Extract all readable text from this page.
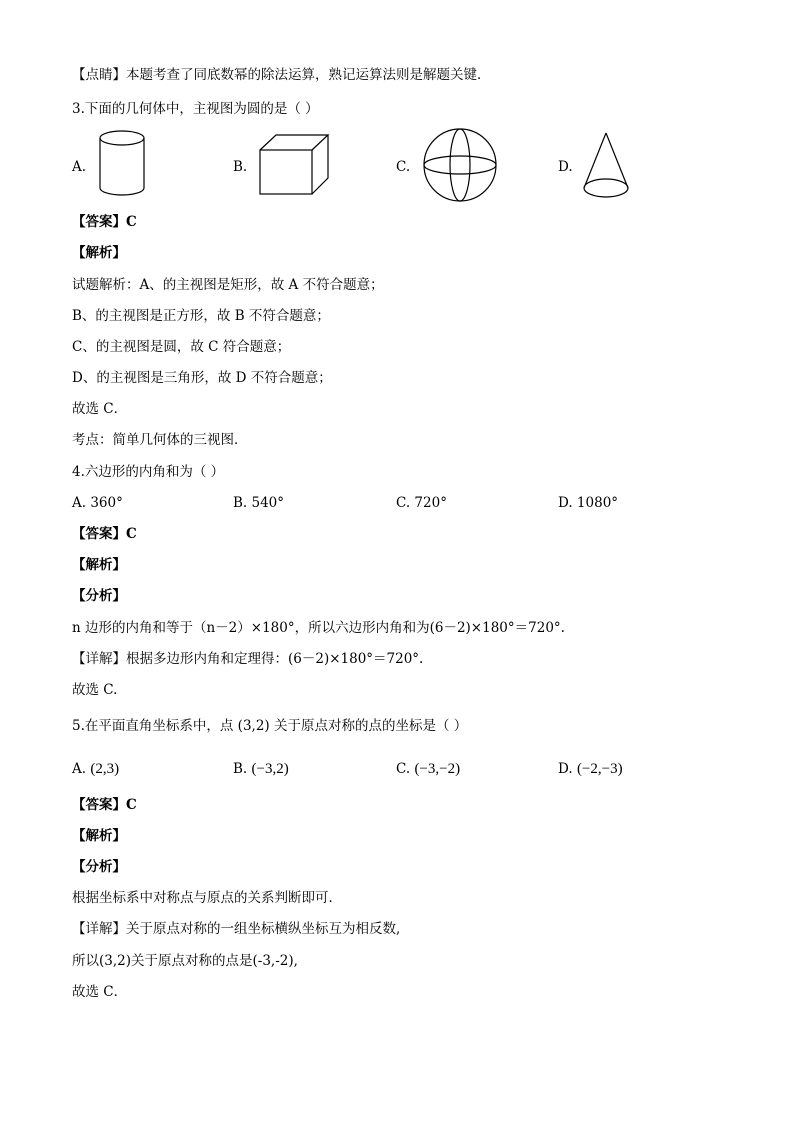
【点睛】本题考查了同底数幂的除法运算，熟记运算法则是解题关键．
3.下面的几何体中，主视图为圆的是（ ）
A.	B.	C.	D.
【答案】C
【解析】
试题解析：A、的主视图是矩形，故 A 不符合题意；
B、的主视图是正方形，故 B 不符合题意；
C、的主视图是圆，故 C 符合题意；
D、的主视图是三角形，故 D 不符合题意；
故选 C．
考点：简单几何体的三视图．
4.六边形的内角和为（ ）
A. 360°	B. 540°	C. 720°	D. 1080°
【答案】C
【解析】
【分析】
n 边形的内角和等于（n－2）×180°，所以六边形内角和为(6－2)×180°＝720°.
【详解】根据多边形内角和定理得：(6－2)×180°＝720°.
故选 C.
5.在平面直角坐标系中，点 (3,2) 关于原点对称的点的坐标是（ ）
A. (2,3)	B. (−3,2)	C. (−3,−2)	D. (−2,−3)
【答案】C
【解析】
【分析】
根据坐标系中对称点与原点的关系判断即可．
【详解】关于原点对称的一组坐标横纵坐标互为相反数,
所以(3,2)关于原点对称的点是(-3,-2),
故选 C．
